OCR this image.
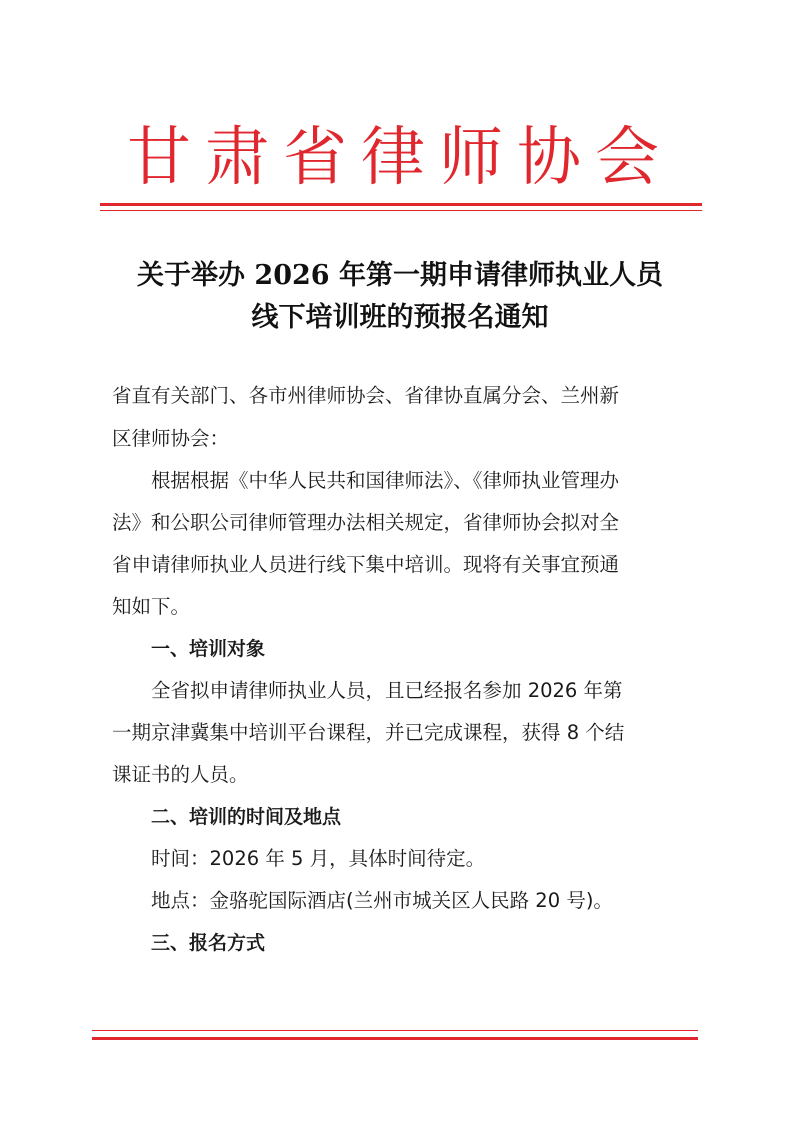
甘肃省律师协会
关于举办 2026 年第一期申请律师执业人员
线下培训班的预报名通知
省直有关部门、各市州律师协会、省律协直属分会、兰州新
区律师协会：
根据根据《中华人民共和国律师法》、《律师执业管理办
法》和公职公司律师管理办法相关规定，省律师协会拟对全
省申请律师执业人员进行线下集中培训。现将有关事宜预通
知如下。
一、培训对象
全省拟申请律师执业人员，且已经报名参加 2026 年第
一期京津冀集中培训平台课程，并已完成课程，获得 8 个结
课证书的人员。
二、培训的时间及地点
时间：2026 年 5 月，具体时间待定。
地点：金骆驼国际酒店(兰州市城关区人民路 20 号)。
三、报名方式
